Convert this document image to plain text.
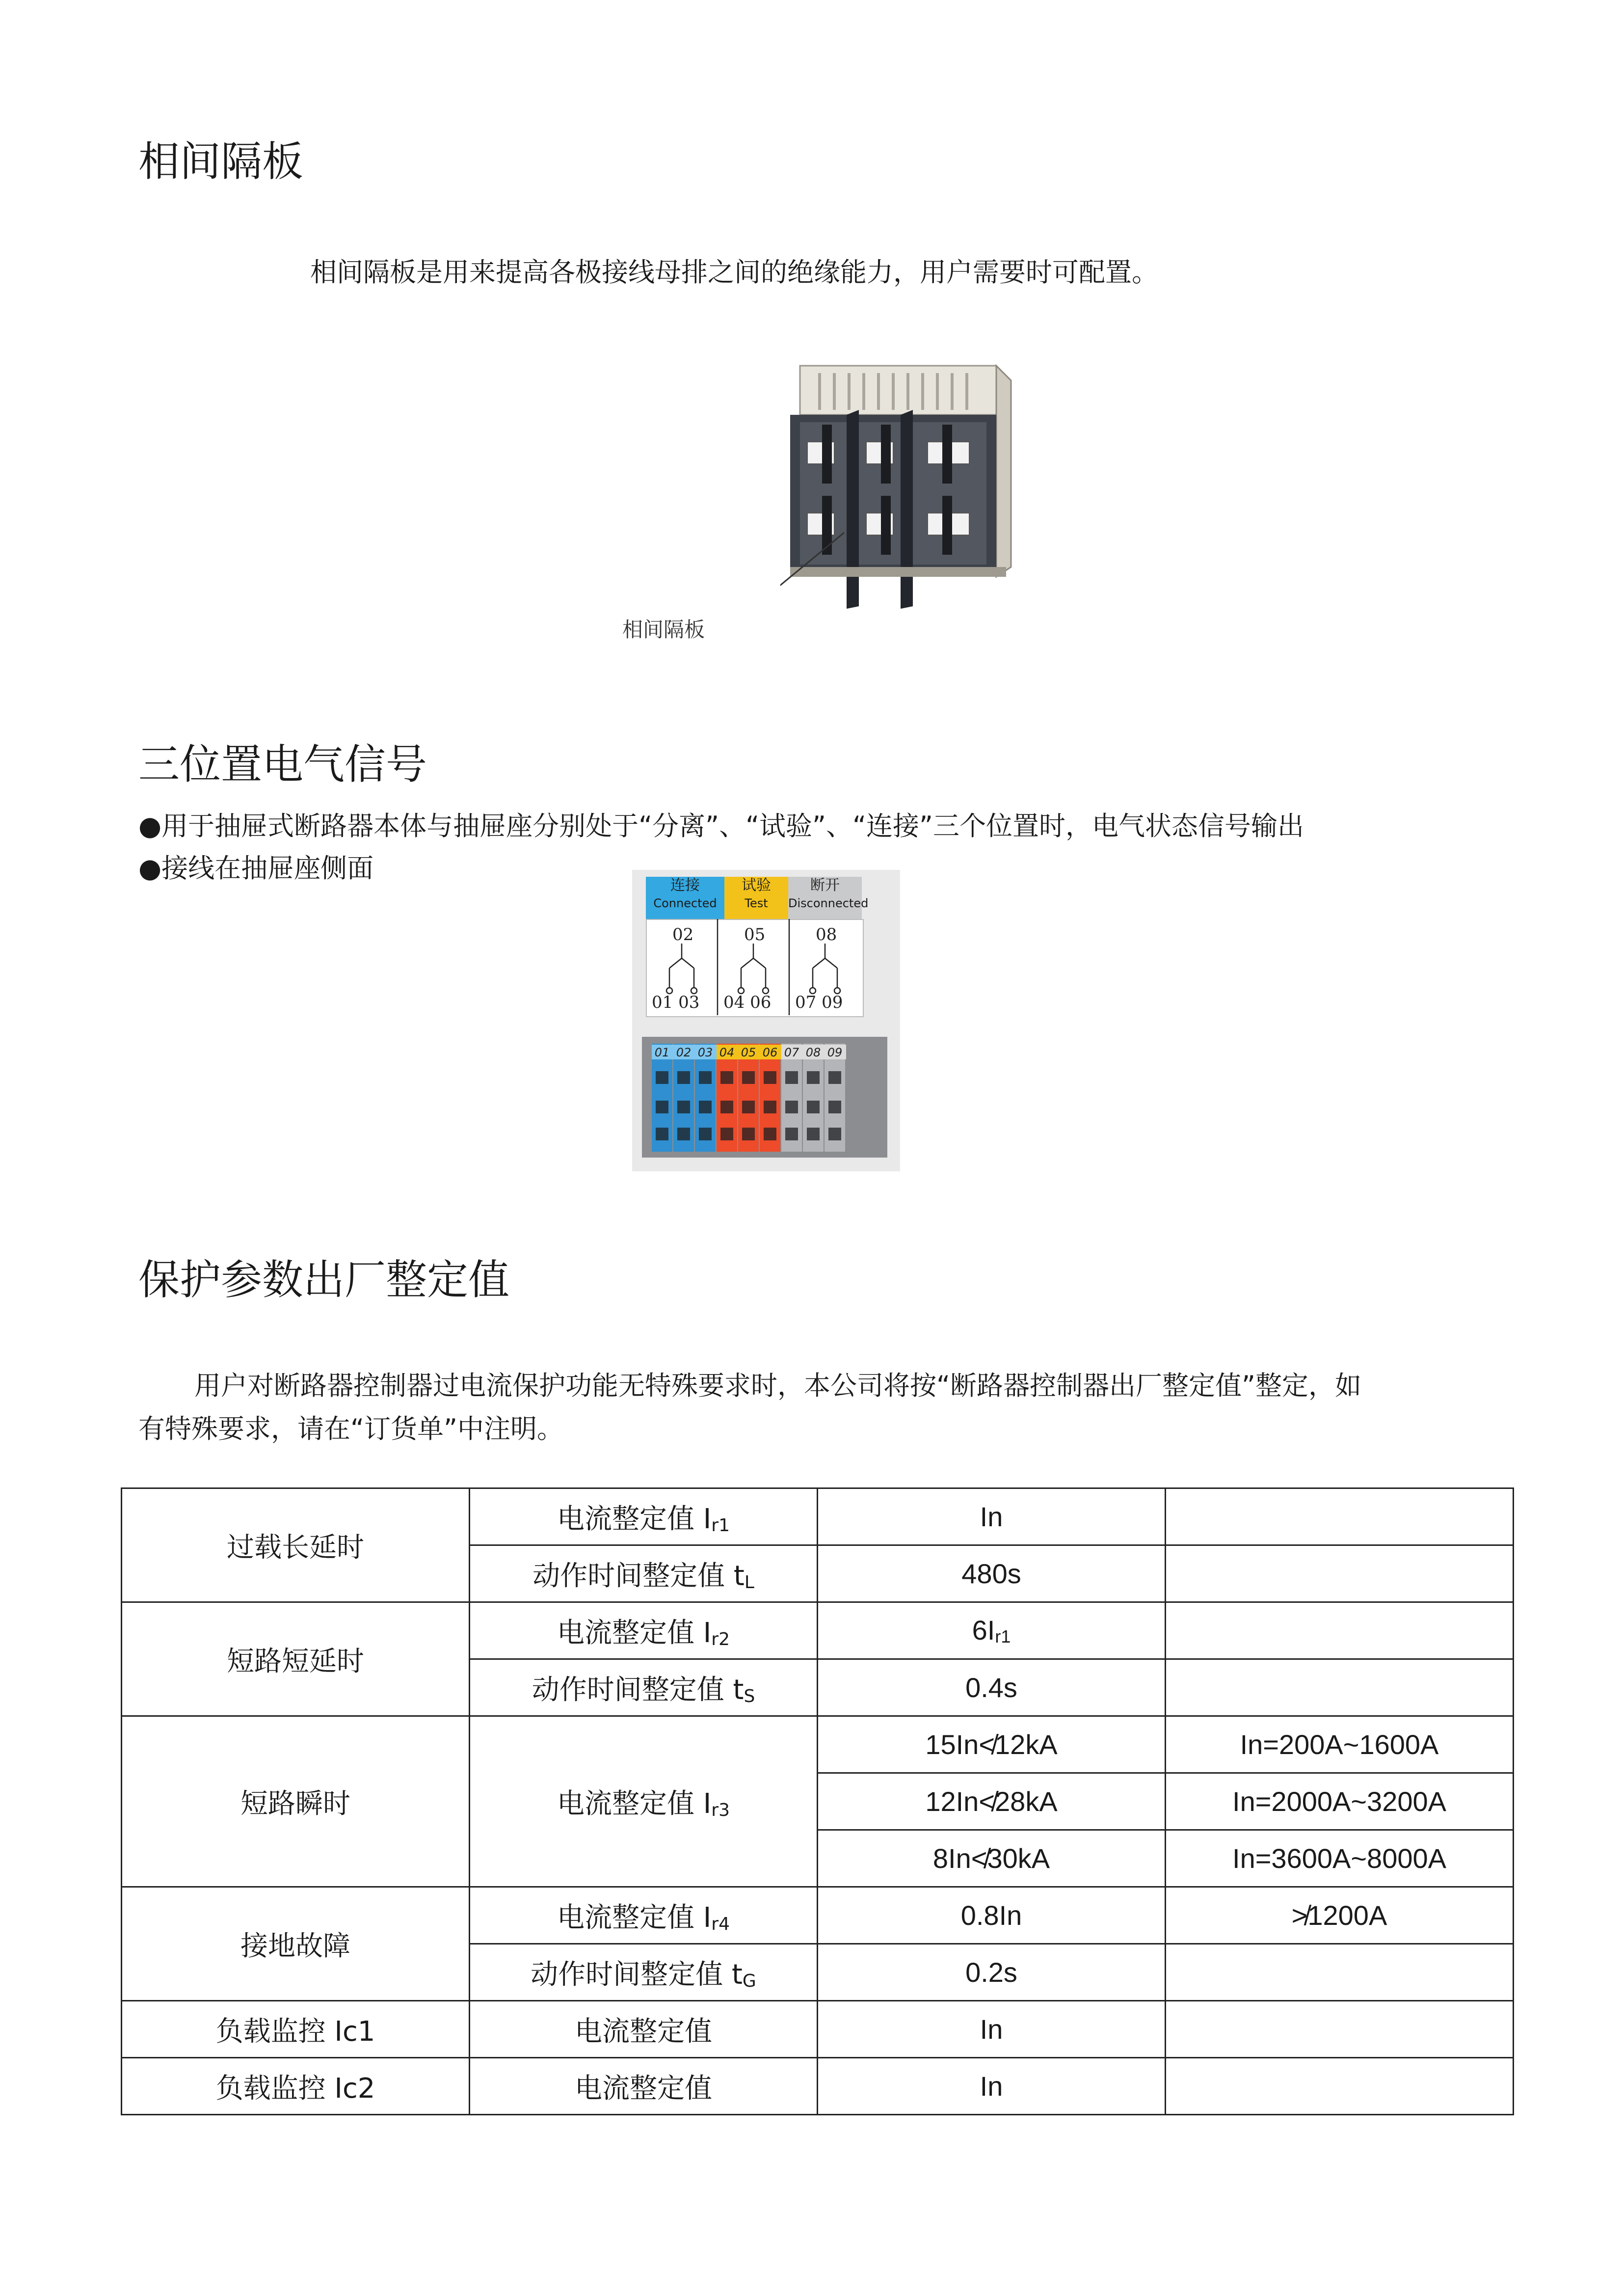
相间隔板
相间隔板是用来提高各极接线母排之间的绝缘能力，用户需要时可配置。
相间隔板
三位置电气信号
●用于抽屉式断路器本体与抽屉座分别处于“分离”、“试验”、“连接”三个位置时，电气状态信号输出
●接线在抽屉座侧面
连接
Connected
试验
Test
断开
Disconnected
02	05	08
01 03 04 06 07 09
01 02 03 04 05 06 07 08 09
保护参数出厂整定值
用户对断路器控制器过电流保护功能无特殊要求时，本公司将按“断路器控制器出厂整定值”整定，如
有特殊要求，请在“订货单”中注明。
过载长延时	电流整定值 $I_{r1}$	In	
	动作时间整定值 $t_L$	480s	
短路短延时	电流整定值 $I_{r2}$	$6I_{r1}$	
	动作时间整定值 $t_S$	0.4s	
短路瞬时	电流整定值 $I_{r3}$	15In≮12kA	In=200A~1600A
		12In≮28kA	In=2000A~3200A
		8In≮30kA	In=3600A~8000A
接地故障	电流整定值 $I_{r4}$	0.8In	≯1200A
	动作时间整定值 $t_G$	0.2s	
负载监控 Ic1	电流整定值	In	
负载监控 Ic2	电流整定值	In	
